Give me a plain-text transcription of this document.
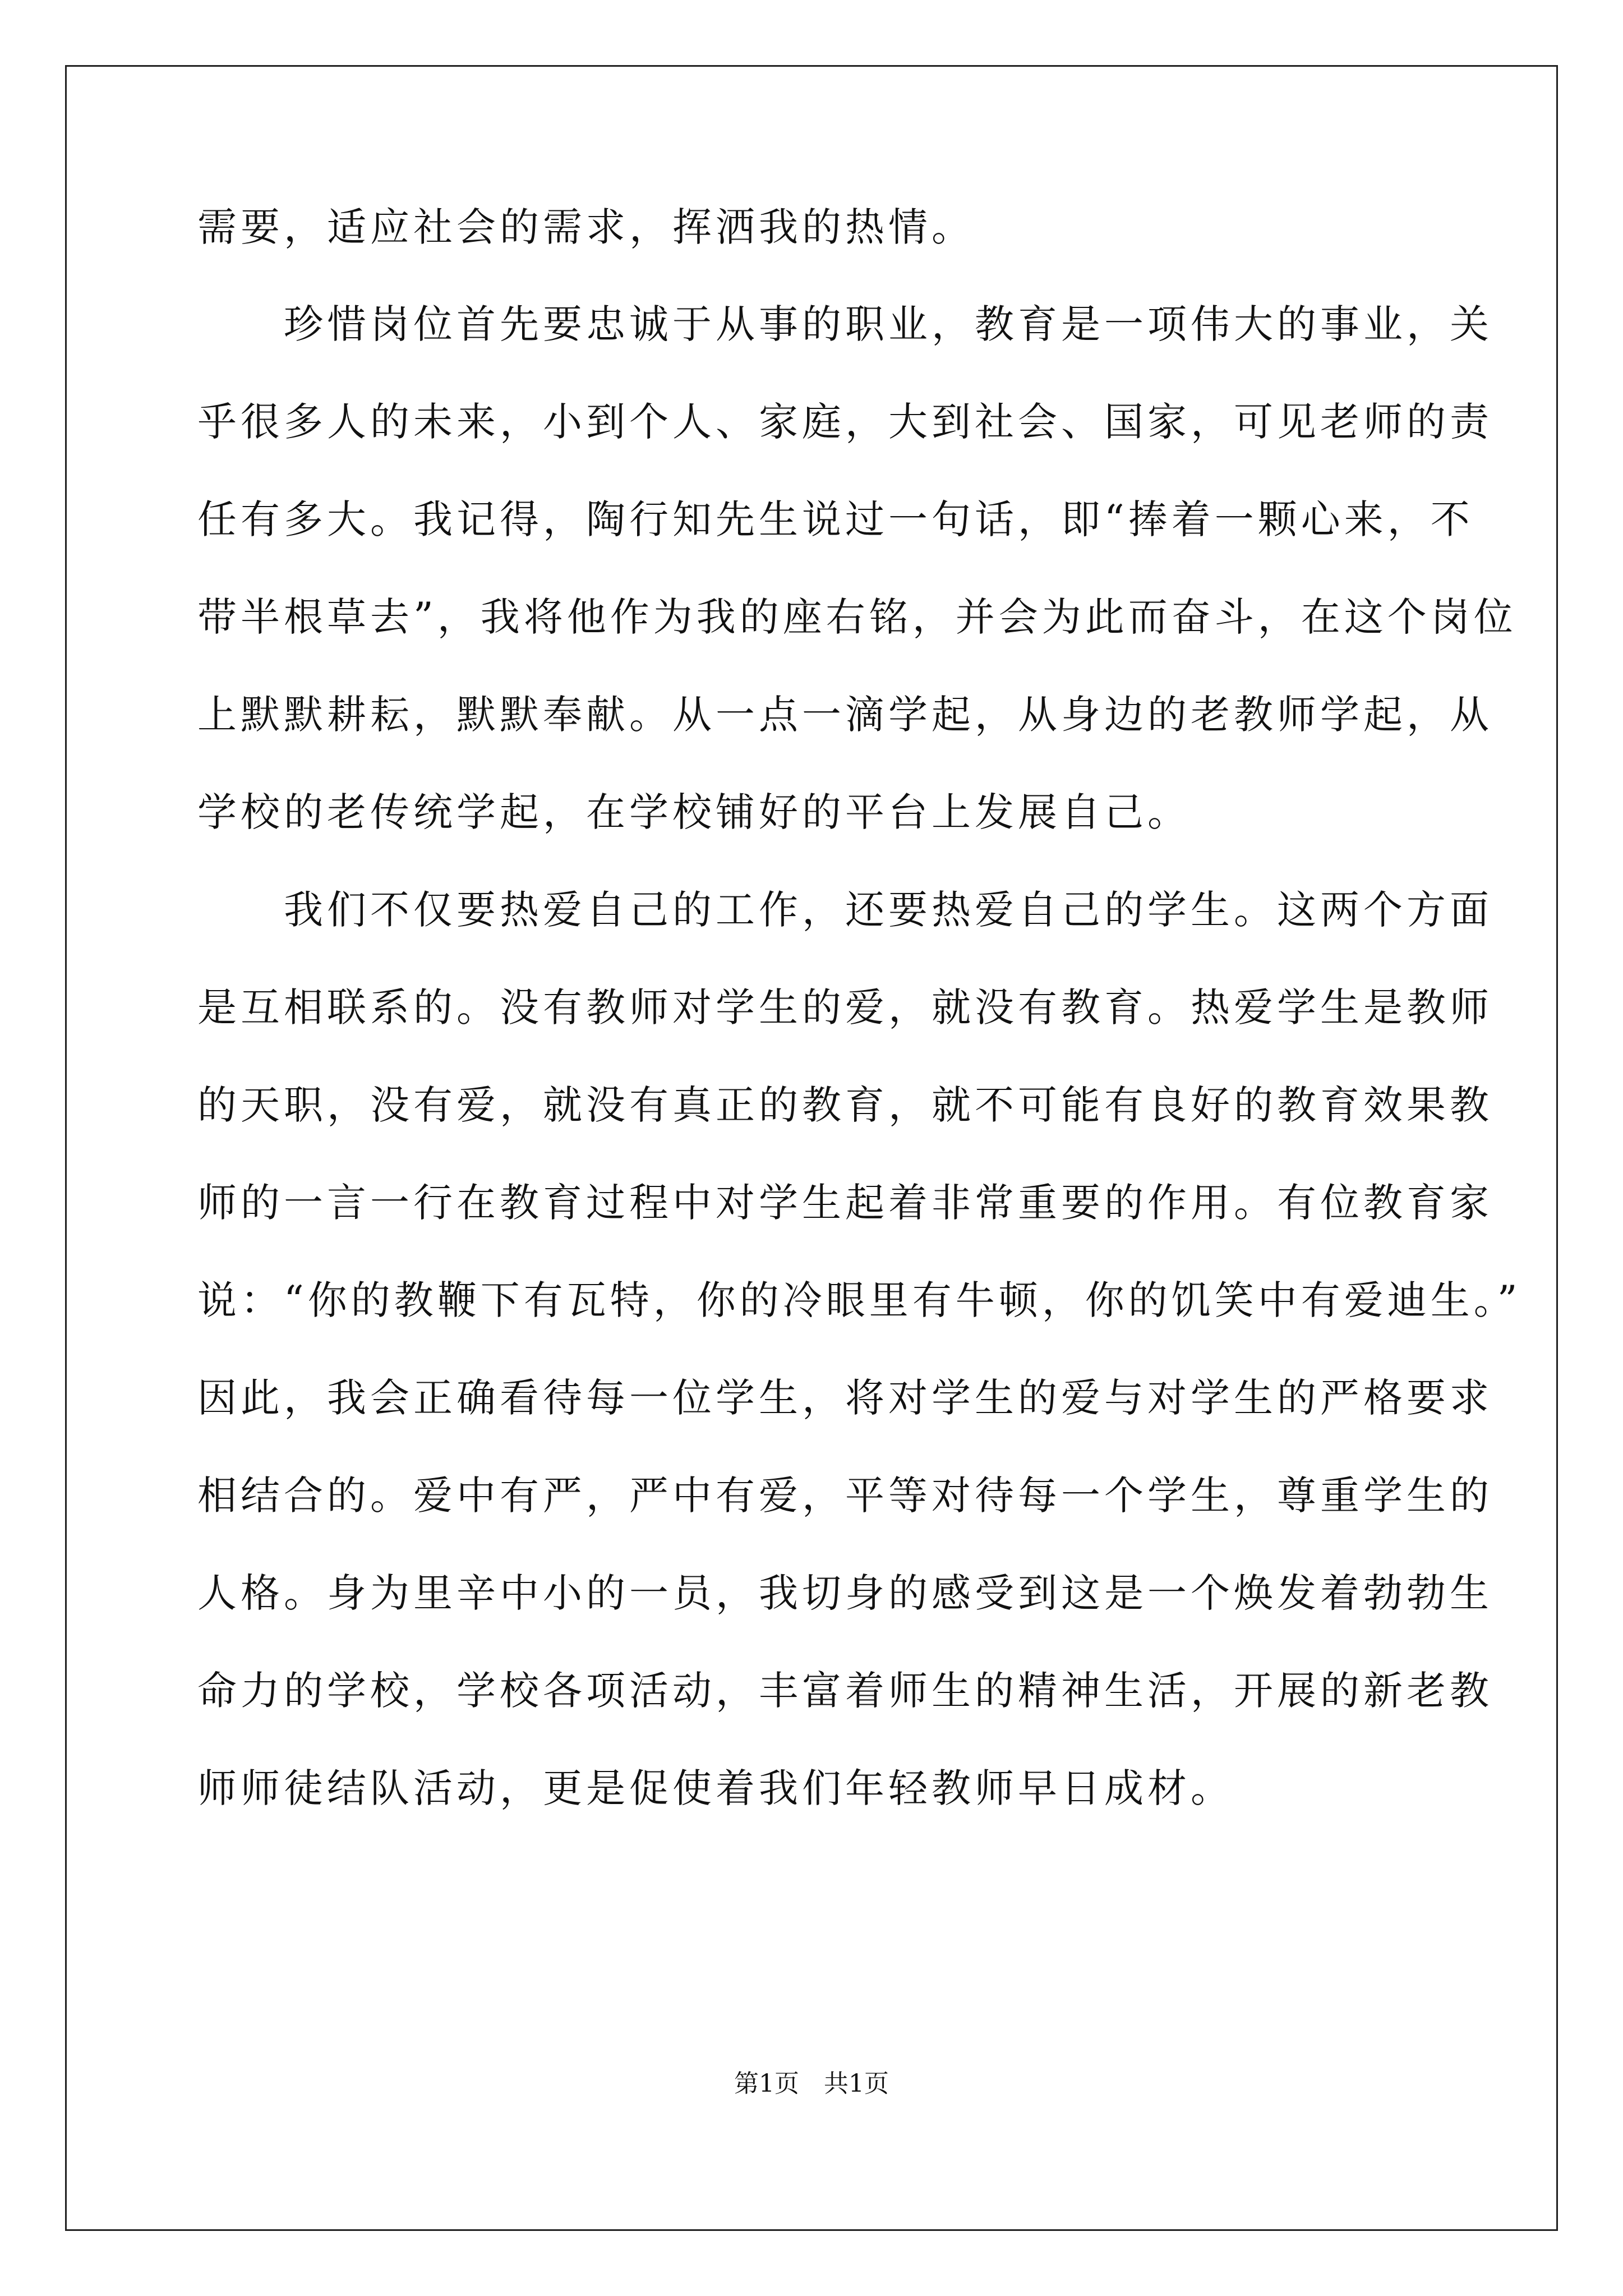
需要，适应社会的需求，挥洒我的热情。

　　珍惜岗位首先要忠诚于从事的职业，教育是一项伟大的事业，关

乎很多人的未来，小到个人、家庭，大到社会、国家，可见老师的责

任有多大。我记得，陶行知先生说过一句话，即“捧着一颗心来，不

带半根草去”，我将他作为我的座右铭，并会为此而奋斗，在这个岗位

上默默耕耘，默默奉献。从一点一滴学起，从身边的老教师学起，从

学校的老传统学起，在学校铺好的平台上发展自己。

　　我们不仅要热爱自己的工作，还要热爱自己的学生。这两个方面

是互相联系的。没有教师对学生的爱，就没有教育。热爱学生是教师

的天职，没有爱，就没有真正的教育，就不可能有良好的教育效果教

师的一言一行在教育过程中对学生起着非常重要的作用。有位教育家

说：“你的教鞭下有瓦特，你的冷眼里有牛顿，你的饥笑中有爱迪生。”

因此，我会正确看待每一位学生，将对学生的爱与对学生的严格要求

相结合的。爱中有严，严中有爱，平等对待每一个学生，尊重学生的

人格。身为里辛中小的一员，我切身的感受到这是一个焕发着勃勃生

命力的学校，学校各项活动，丰富着师生的精神生活，开展的新老教

师师徒结队活动，更是促使着我们年轻教师早日成材。

第1页　共1页
